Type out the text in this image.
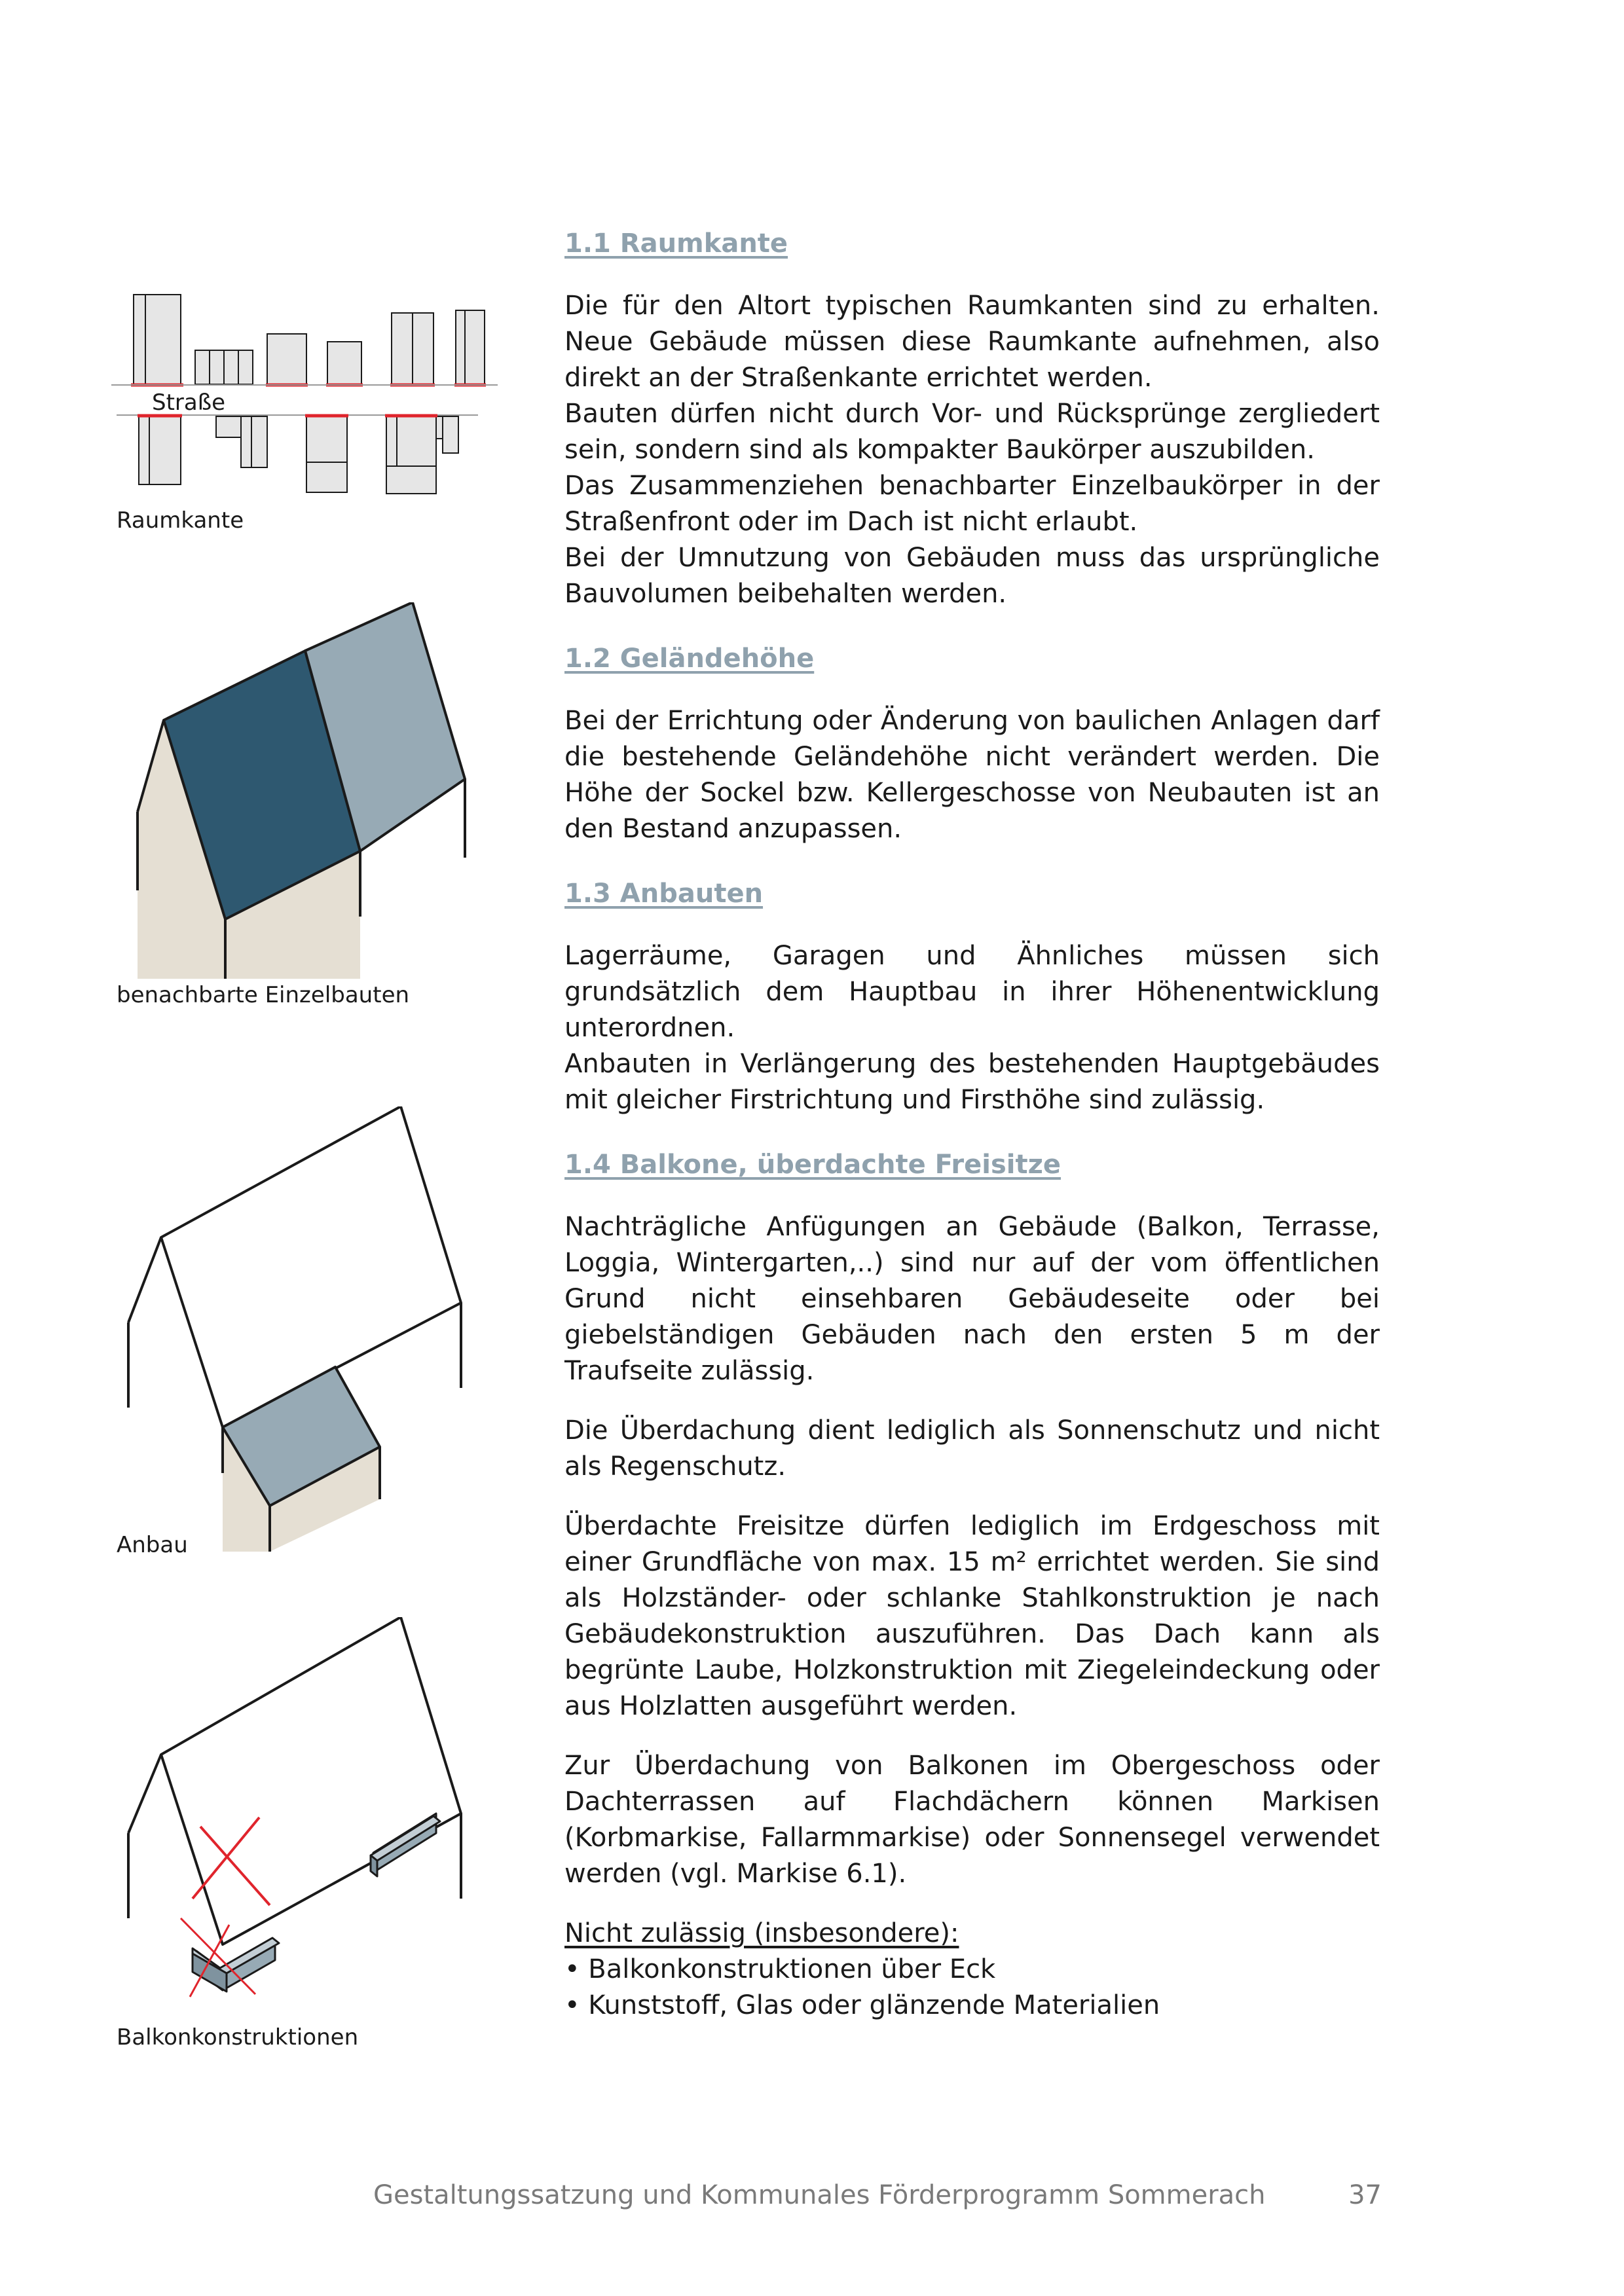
Straße
Raumkante
benachbarte Einzelbauten
Anbau
Balkonkonstruktionen
1.1 Raumkante

Die für den Altort typischen Raumkanten sind zu erhalten. Neue Gebäude müssen diese Raumkante aufnehmen, also direkt an der Straßenkante errichtet werden.
Bauten dürfen nicht durch Vor- und Rücksprünge zergliedert sein, sondern sind als kompakter Baukörper auszubilden.
Das Zusammenziehen benachbarter Einzelbaukörper in der Straßenfront oder im Dach ist nicht erlaubt.
Bei der Umnutzung von Gebäuden muss das ursprüngliche Bauvolumen beibehalten werden.

1.2 Geländehöhe

Bei der Errichtung oder Änderung von baulichen Anlagen darf die bestehende Geländehöhe nicht verändert werden. Die Höhe der Sockel bzw. Kellergeschosse von Neubauten ist an den Bestand anzupassen.

1.3 Anbauten

Lagerräume, Garagen und Ähnliches müssen sich grundsätzlich dem Hauptbau in ihrer Höhenentwicklung unterordnen.
Anbauten in Verlängerung des bestehenden Hauptgebäudes mit gleicher Firstrichtung und Firsthöhe sind zulässig.

1.4 Balkone, überdachte Freisitze

Nachträgliche Anfügungen an Gebäude (Balkon, Terrasse, Loggia, Wintergarten,..) sind nur auf der vom öffentlichen Grund nicht einsehbaren Gebäudeseite oder bei giebelständigen Gebäuden nach den ersten 5 m der Traufseite zulässig.

Die Überdachung dient lediglich als Sonnenschutz und nicht als Regenschutz.

Überdachte Freisitze dürfen lediglich im Erdgeschoss mit einer Grundfläche von max. 15 m² errichtet werden. Sie sind als Holzständer- oder schlanke Stahlkonstruktion je nach Gebäudekonstruktion auszuführen. Das Dach kann als begrünte Laube, Holzkonstruktion mit Ziegeleindeckung oder aus Holzlatten ausgeführt werden.

Zur Überdachung von Balkonen im Obergeschoss oder Dachterrassen auf Flachdächern können Markisen (Korbmarkise, Fallarmmarkise) oder Sonnensegel verwendet werden (vgl. Markise 6.1).

Nicht zulässig (insbesondere):
• Balkonkonstruktionen über Eck
• Kunststoff, Glas oder glänzende Materialien
Gestaltungssatzung und Kommunales Förderprogramm Sommerach	37
